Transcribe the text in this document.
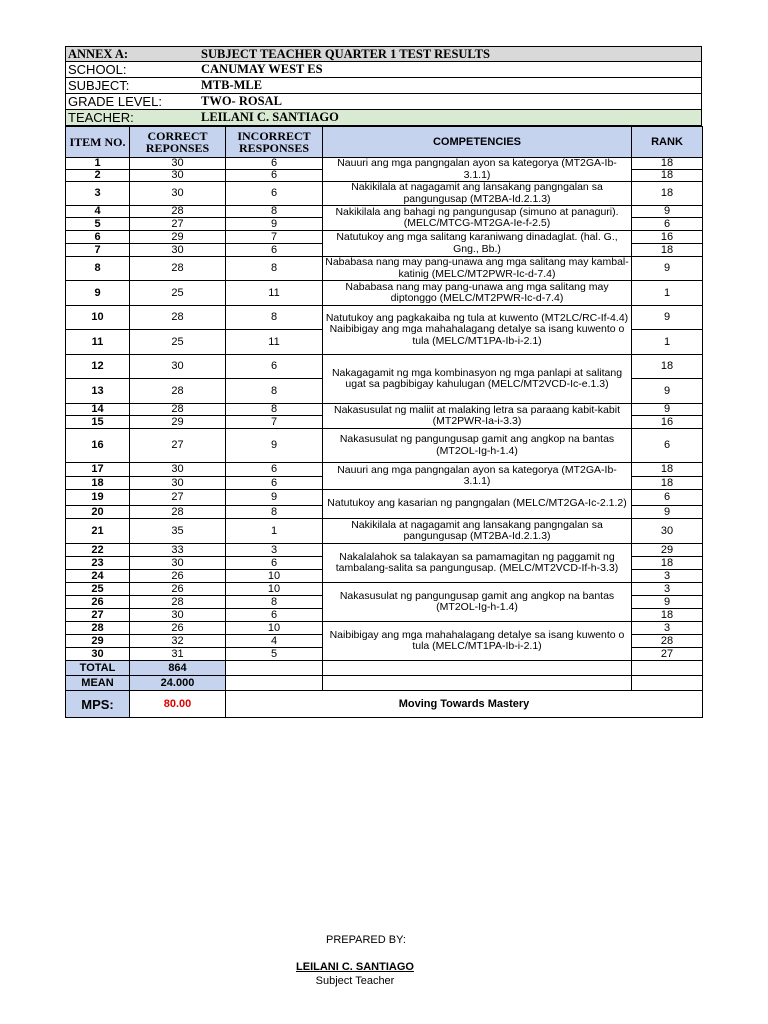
ANNEX A:	SUBJECT TEACHER QUARTER 1 TEST RESULTS
SCHOOL:	CANUMAY WEST ES
SUBJECT:	MTB-MLE
GRADE LEVEL:	TWO- ROSAL
TEACHER:	LEILANI C. SANTIAGO
ITEM NO.	CORRECT REPONSES	INCORRECT RESPONSES	COMPETENCIES	RANK
1	30	6	Nauuri ang mga pangngalan ayon sa kategorya (MT2GA-Ib-3.1.1)	18
2	30	6		18
3	30	6	Nakikilala at nagagamit ang lansakang pangngalan sa pangungusap (MT2BA-Id.2.1.3)	18
4	28	8	Nakikilala ang bahagi ng pangungusap (simuno at panaguri). (MELC/MTCG-MT2GA-Ie-f-2.5)	9
5	27	9		6
6	29	7	Natutukoy ang mga salitang karaniwang dinadaglat. (hal. G., Gng., Bb.)	16
7	30	6		18
8	28	8	Nababasa nang may pang-unawa ang mga salitang may kambal-katinig (MELC/MT2PWR-Ic-d-7.4)	9
9	25	11	Nababasa nang may pang-unawa ang mga salitang may diptonggo (MELC/MT2PWR-Ic-d-7.4)	1
10	28	8	Natutukoy ang pagkakaiba ng tula at kuwento (MT2LC/RC-If-4.4) Naibibigay ang mga mahahalagang detalye sa isang kuwento o tula (MELC/MT1PA-Ib-i-2.1)	9
11	25	11		1
12	30	6	Nakagagamit ng mga kombinasyon ng mga panlapi at salitang ugat sa pagbibigay kahulugan (MELC/MT2VCD-Ic-e.1.3)	18
13	28	8		9
14	28	8	Nakasusulat ng maliit at malaking letra sa paraang kabit-kabit (MT2PWR-Ia-i-3.3)	9
15	29	7		16
16	27	9	Nakasusulat ng pangungusap gamit ang angkop na bantas (MT2OL-Ig-h-1.4)	6
17	30	6	Nauuri ang mga pangngalan ayon sa kategorya (MT2GA-Ib-3.1.1)	18
18	30	6		18
19	27	9	Natutukoy ang kasarian ng pangngalan (MELC/MT2GA-Ic-2.1.2)	6
20	28	8		9
21	35	1	Nakikilala at nagagamit ang lansakang pangngalan sa pangungusap (MT2BA-Id.2.1.3)	30
22	33	3	Nakalalahok sa talakayan sa pamamagitan ng paggamit ng tambalang-salita sa pangungusap. (MELC/MT2VCD-If-h-3.3)	29
23	30	6		18
24	26	10		3
25	26	10	Nakasusulat ng pangungusap gamit ang angkop na bantas (MT2OL-Ig-h-1.4)	3
26	28	8		9
27	30	6		18
28	26	10	Naibibigay ang mga mahahalagang detalye sa isang kuwento o tula (MELC/MT1PA-Ib-i-2.1)	3
29	32	4		28
30	31	5		27
TOTAL	864			
MEAN	24.000			
MPS:	80.00	Moving Towards Mastery		
PREPARED BY:
LEILANI C. SANTIAGO
Subject Teacher
